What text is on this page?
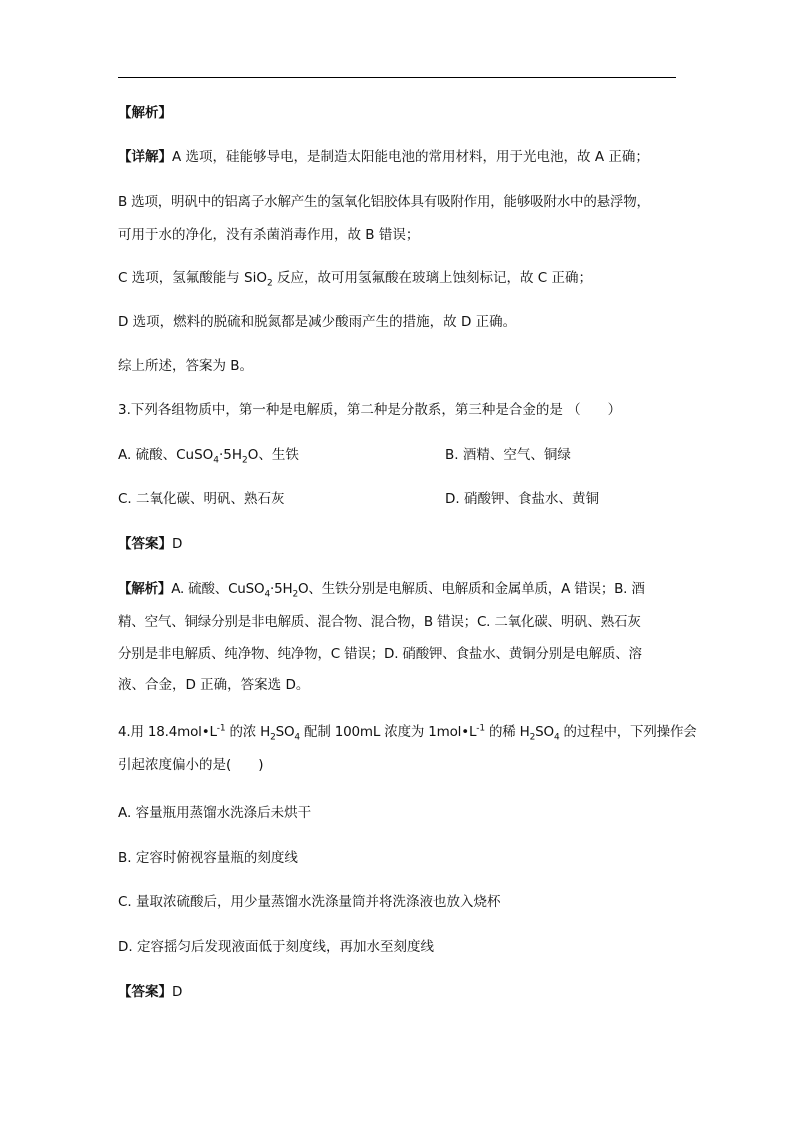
【解析】
【详解】A 选项，硅能够导电，是制造太阳能电池的常用材料，用于光电池，故 A 正确；
B 选项，明矾中的铝离子水解产生的氢氧化铝胶体具有吸附作用，能够吸附水中的悬浮物，
可用于水的净化，没有杀菌消毒作用，故 B 错误；
C 选项，氢氟酸能与 SiO$_2$ 反应，故可用氢氟酸在玻璃上蚀刻标记，故 C 正确；
D 选项，燃料的脱硫和脱氮都是减少酸雨产生的措施，故 D 正确。
综上所述，答案为 B。
3.下列各组物质中，第一种是电解质，第二种是分散系，第三种是合金的是 （　　）
A. 硫酸、$CuSO_4\cdot 5H_2O$、生铁	B. 酒精、空气、铜绿
C. 二氧化碳、明矾、熟石灰	D. 硝酸钾、食盐水、黄铜
【答案】D
【解析】A. 硫酸、$CuSO_4\cdot 5H_2O$、生铁分别是电解质、电解质和金属单质，A 错误；B. 酒
精、空气、铜绿分别是非电解质、混合物、混合物，B 错误；C. 二氧化碳、明矾、熟石灰
分别是非电解质、纯净物、纯净物，C 错误；D. 硝酸钾、食盐水、黄铜分别是电解质、溶
液、合金，D 正确，答案选 D。
4.用 $18.4mol•L^{-1}$ 的浓 $H_2SO_4$ 配制 100mL 浓度为 $1mol•L^{-1}$ 的稀 $H_2SO_4$ 的过程中，下列操作会
引起浓度偏小的是(　　)
A. 容量瓶用蒸馏水洗涤后未烘干
B. 定容时俯视容量瓶的刻度线
C. 量取浓硫酸后，用少量蒸馏水洗涤量筒并将洗涤液也放入烧杯
D. 定容摇匀后发现液面低于刻度线，再加水至刻度线
【答案】D
